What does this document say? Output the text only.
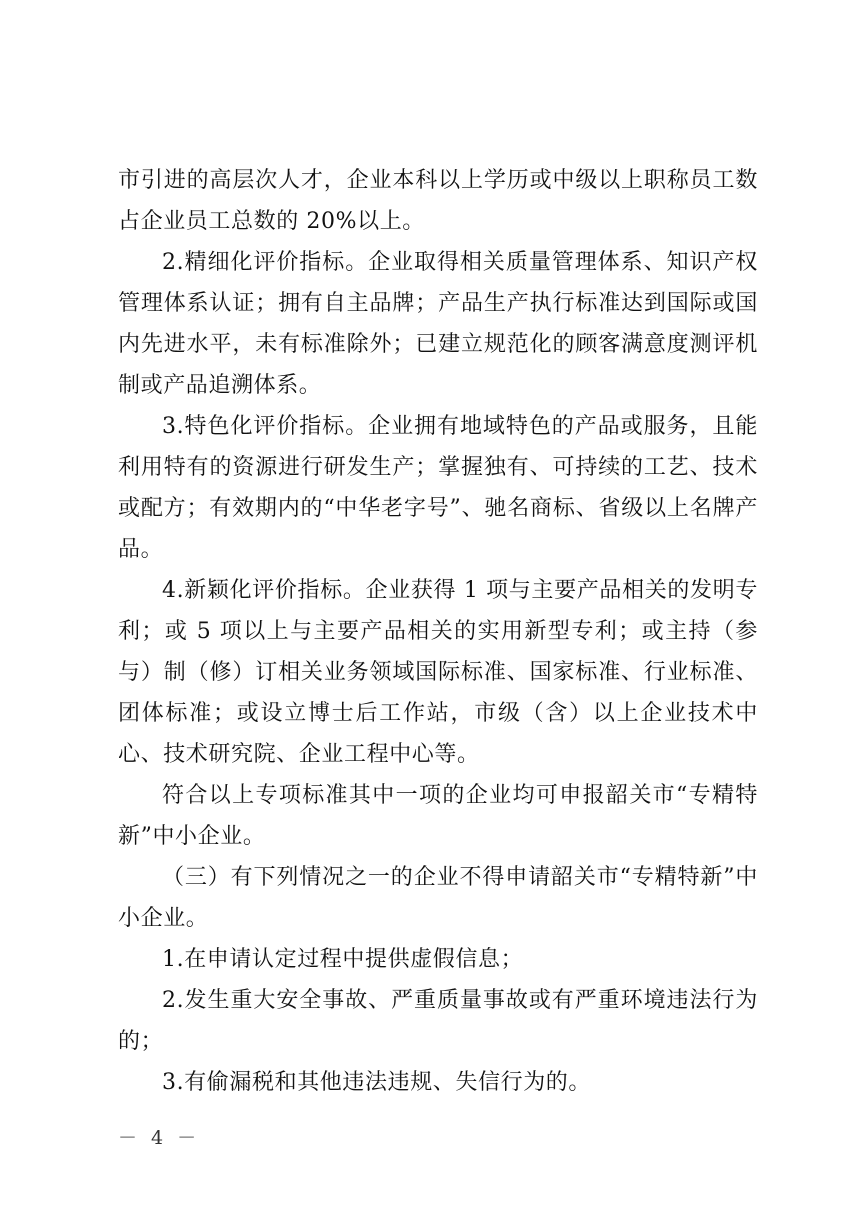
市引进的高层次人才，企业本科以上学历或中级以上职称员工数占企业员工总数的 20%以上。

2.精细化评价指标。企业取得相关质量管理体系、知识产权管理体系认证；拥有自主品牌；产品生产执行标准达到国际或国内先进水平，未有标准除外；已建立规范化的顾客满意度测评机制或产品追溯体系。

3.特色化评价指标。企业拥有地域特色的产品或服务，且能利用特有的资源进行研发生产；掌握独有、可持续的工艺、技术或配方；有效期内的“中华老字号”、驰名商标、省级以上名牌产品。

4.新颖化评价指标。企业获得 1 项与主要产品相关的发明专利；或 5 项以上与主要产品相关的实用新型专利；或主持（参与）制（修）订相关业务领域国际标准、国家标准、行业标准、团体标准；或设立博士后工作站，市级（含）以上企业技术中心、技术研究院、企业工程中心等。

符合以上专项标准其中一项的企业均可申报韶关市“专精特新”中小企业。

（三）有下列情况之一的企业不得申请韶关市“专精特新”中小企业。

1.在申请认定过程中提供虚假信息；

2.发生重大安全事故、严重质量事故或有严重环境违法行为的；

3.有偷漏税和其他违法违规、失信行为的。

－ 4 －
